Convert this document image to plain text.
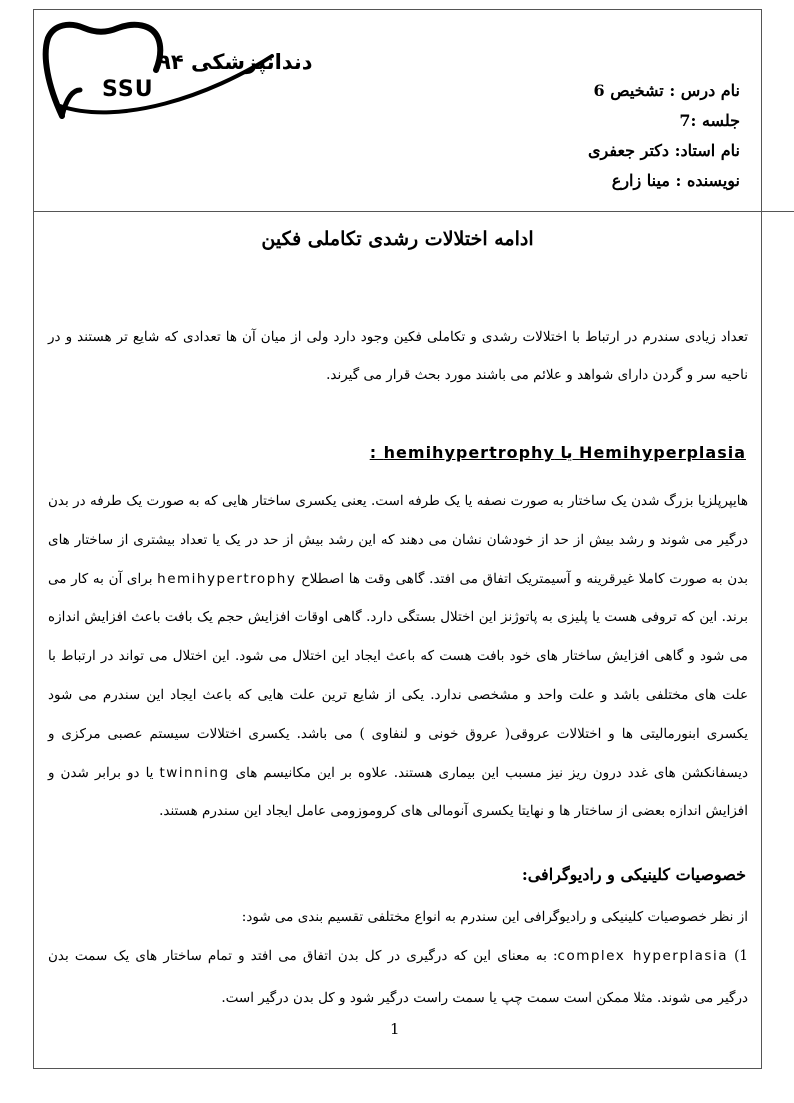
دندانپزشکی ۹۴
SSU	نام درس : تشخیص 6
جلسه :7
نام استاد: دکتر جعفری
نویسنده : مینا زارع
ادامه اختلالات رشدی تکاملی فکین

تعداد زیادی سندرم در ارتباط با اختلالات رشدی و تکاملی فکین وجود دارد ولی از میان آن ها تعدادی که شایع تر هستند و در ناحیه سر و گردن دارای شواهد و علائم می باشند مورد بحث قرار می گیرند.

Hemihyperplasia یا hemihypertrophy :

هایپرپلزیا بزرگ شدن یک ساختار به صورت نصفه یا یک طرفه است. یعنی یکسری ساختار هایی که به صورت یک طرفه در بدن درگیر می شوند و رشد بیش از حد از خودشان نشان می دهند که این رشد بیش از حد در یک یا تعداد بیشتری از ساختار های بدن به صورت کاملا غیرقرینه و آسیمتریک اتفاق می افتد. گاهی وقت ها اصطلاح hemihypertrophy برای آن به کار می برند. این که تروفی هست یا پلیزی به پاتوژنز این اختلال بستگی دارد. گاهی اوقات افزایش حجم یک بافت باعث افزایش اندازه می شود و گاهی افزایش ساختار های خود بافت هست که باعث ایجاد این اختلال می شود. این اختلال می تواند در ارتباط با علت های مختلفی باشد و علت واحد و مشخصی ندارد. یکی از شایع ترین علت هایی که باعث ایجاد این سندرم می شود یکسری ابنورمالیتی ها و اختلالات عروقی( عروق خونی و لنفاوی ) می باشد. یکسری اختلالات سیستم عصبی مرکزی و دیسفانکشن های غدد درون ریز نیز مسبب این بیماری هستند. علاوه بر این مکانیسم های twinning یا دو برابر شدن و افزایش اندازه بعضی از ساختار ها و نهایتا یکسری آنومالی های کروموزومی عامل ایجاد این سندرم هستند.

خصوصیات کلینیکی و رادیوگرافی:
از نظر خصوصیات کلینیکی و رادیوگرافی این سندرم به انواع مختلفی تقسیم بندی می شود:
1) complex hyperplasia: به معنای این که درگیری در کل بدن اتفاق می افتد و تمام ساختار های یک سمت بدن
درگیر می شوند. مثلا ممکن است سمت چپ یا سمت راست درگیر شود و کل بدن درگیر است.
1
